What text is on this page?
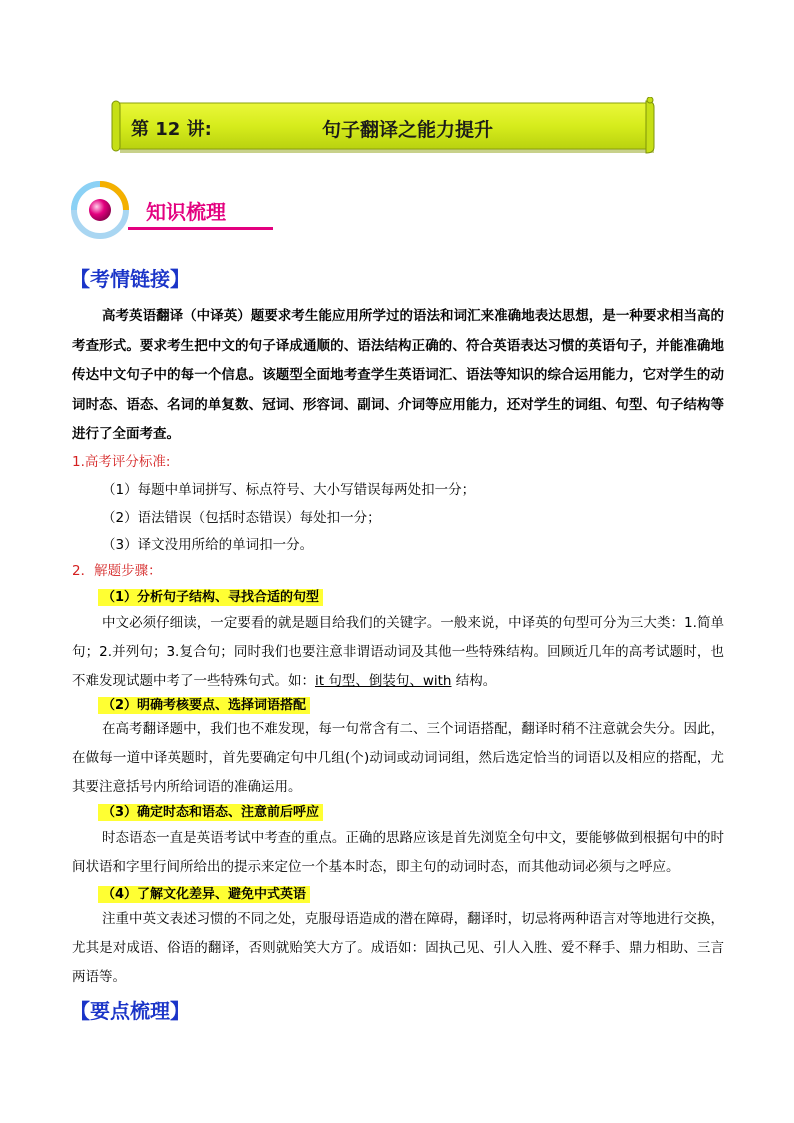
第 12 讲:	句子翻译之能力提升
知识梳理
【考情链接】
高考英语翻译（中译英）题要求考生能应用所学过的语法和词汇来准确地表达思想，是一种要求相当高的考查形式。要求考生把中文的句子译成通顺的、语法结构正确的、符合英语表达习惯的英语句子，并能准确地传达中文句子中的每一个信息。该题型全面地考查学生英语词汇、语法等知识的综合运用能力，它对学生的动词时态、语态、名词的单复数、冠词、形容词、副词、介词等应用能力，还对学生的词组、句型、句子结构等进行了全面考查。
1.高考评分标准:
（1）每题中单词拼写、标点符号、大小写错误每两处扣一分；
（2）语法错误（包括时态错误）每处扣一分；
（3）译文没用所给的单词扣一分。
2．解题步骤：
（1）分析句子结构、寻找合适的句型
中文必须仔细读，一定要看的就是题目给我们的关键字。一般来说，中译英的句型可分为三大类：1.简单句；2.并列句；3.复合句；同时我们也要注意非谓语动词及其他一些特殊结构。回顾近几年的高考试题时，也不难发现试题中考了一些特殊句式。如：it 句型、倒装句、with 结构。
（2）明确考核要点、选择词语搭配
在高考翻译题中，我们也不难发现，每一句常含有二、三个词语搭配，翻译时稍不注意就会失分。因此，在做每一道中译英题时，首先要确定句中几组(个)动词或动词词组，然后选定恰当的词语以及相应的搭配，尤其要注意括号内所给词语的准确运用。
（3）确定时态和语态、注意前后呼应
时态语态一直是英语考试中考查的重点。正确的思路应该是首先浏览全句中文，要能够做到根据句中的时间状语和字里行间所给出的提示来定位一个基本时态，即主句的动词时态，而其他动词必须与之呼应。
（4）了解文化差异、避免中式英语
注重中英文表述习惯的不同之处，克服母语造成的潜在障碍，翻译时，切忌将两种语言对等地进行交换，尤其是对成语、俗语的翻译，否则就贻笑大方了。成语如：固执己见、引人入胜、爱不释手、鼎力相助、三言两语等。
【要点梳理】
